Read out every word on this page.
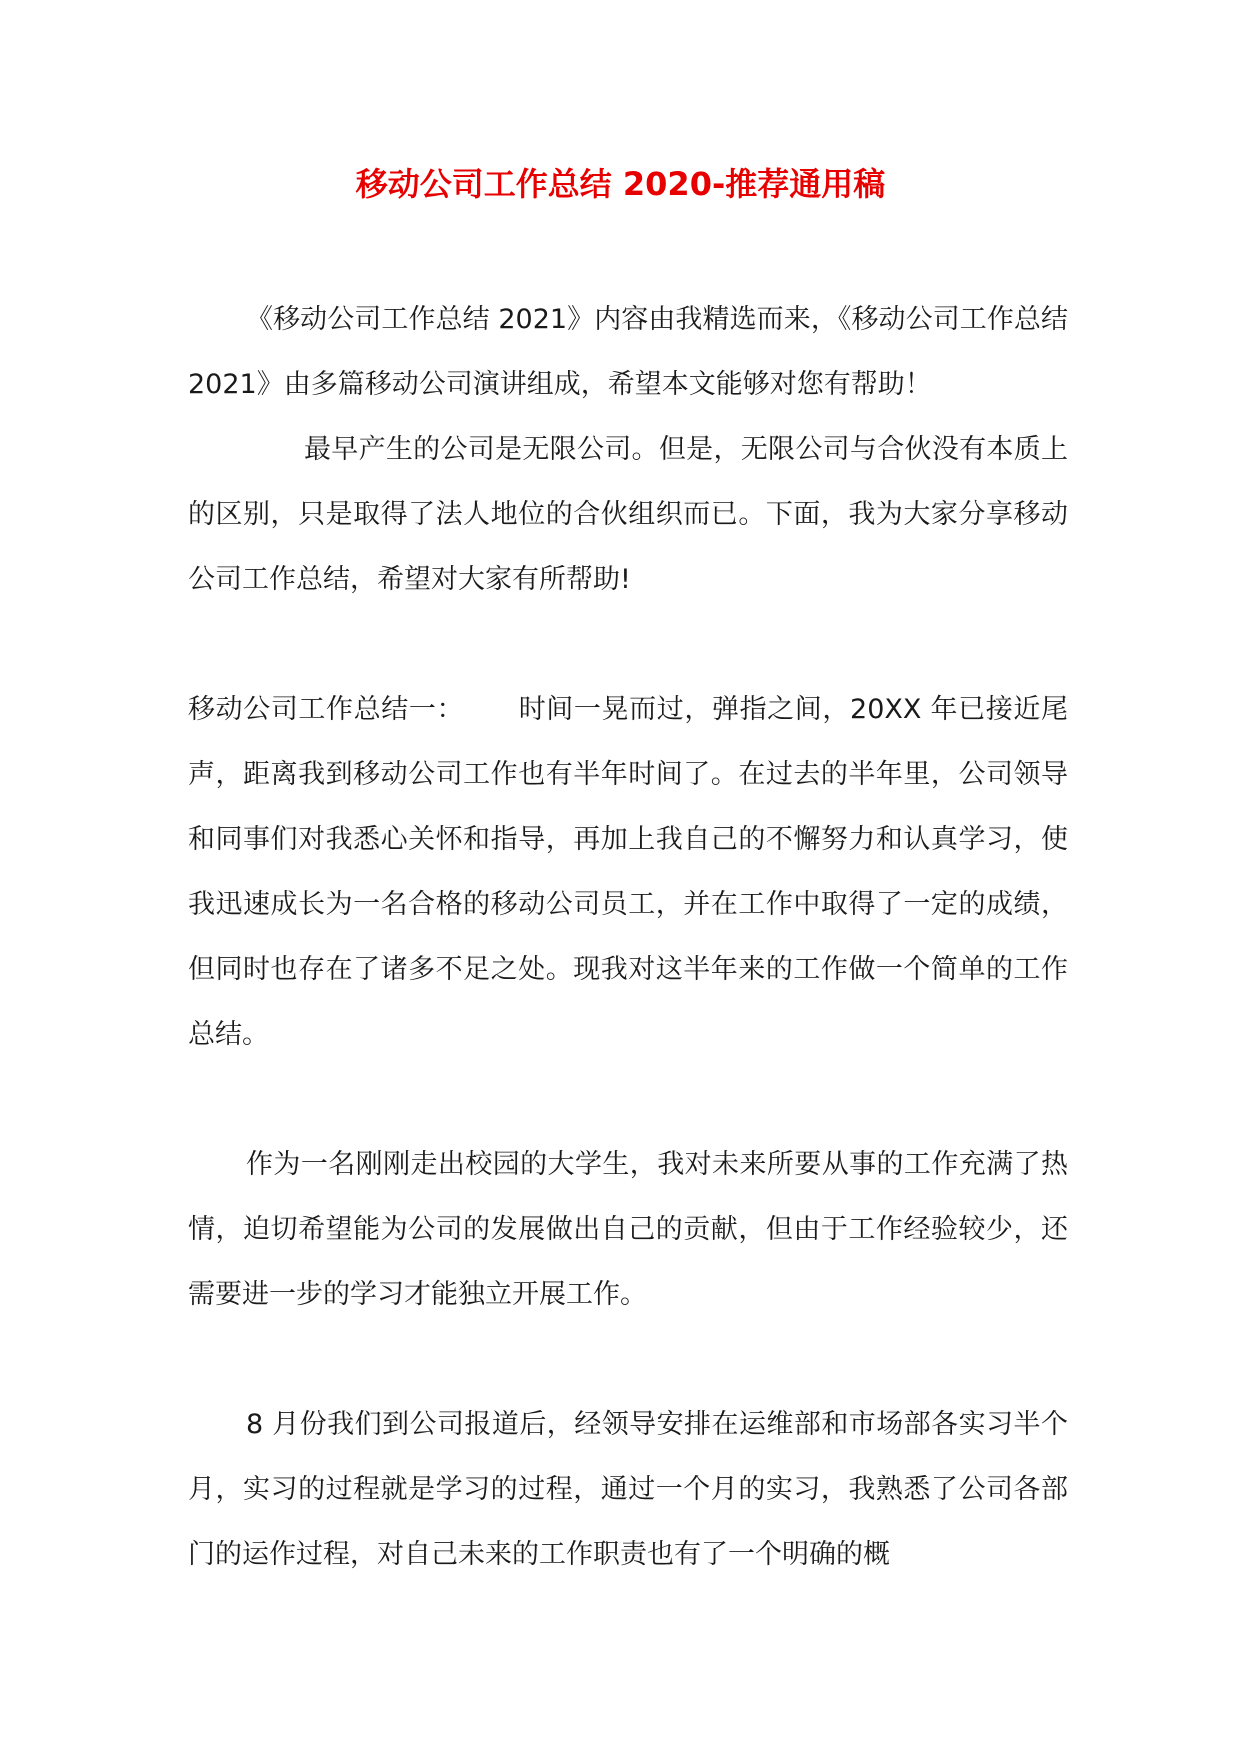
移动公司工作总结 2020-推荐通用稿

《移动公司工作总结 2021》内容由我精选而来，《移动公司工作总结 2021》由多篇移动公司演讲组成，希望本文能够对您有帮助！

最早产生的公司是无限公司。但是，无限公司与合伙没有本质上的区别，只是取得了法人地位的合伙组织而已。下面，我为大家分享移动公司工作总结，希望对大家有所帮助!

移动公司工作总结一：   时间一晃而过，弹指之间，20XX 年已接近尾声，距离我到移动公司工作也有半年时间了。在过去的半年里，公司领导和同事们对我悉心关怀和指导，再加上我自己的不懈努力和认真学习，使我迅速成长为一名合格的移动公司员工，并在工作中取得了一定的成绩，但同时也存在了诸多不足之处。现我对这半年来的工作做一个简单的工作总结。

作为一名刚刚走出校园的大学生，我对未来所要从事的工作充满了热情，迫切希望能为公司的发展做出自己的贡献，但由于工作经验较少，还需要进一步的学习才能独立开展工作。

8 月份我们到公司报道后，经领导安排在运维部和市场部各实习半个月，实习的过程就是学习的过程，通过一个月的实习，我熟悉了公司各部门的运作过程，对自己未来的工作职责也有了一个明确的概
